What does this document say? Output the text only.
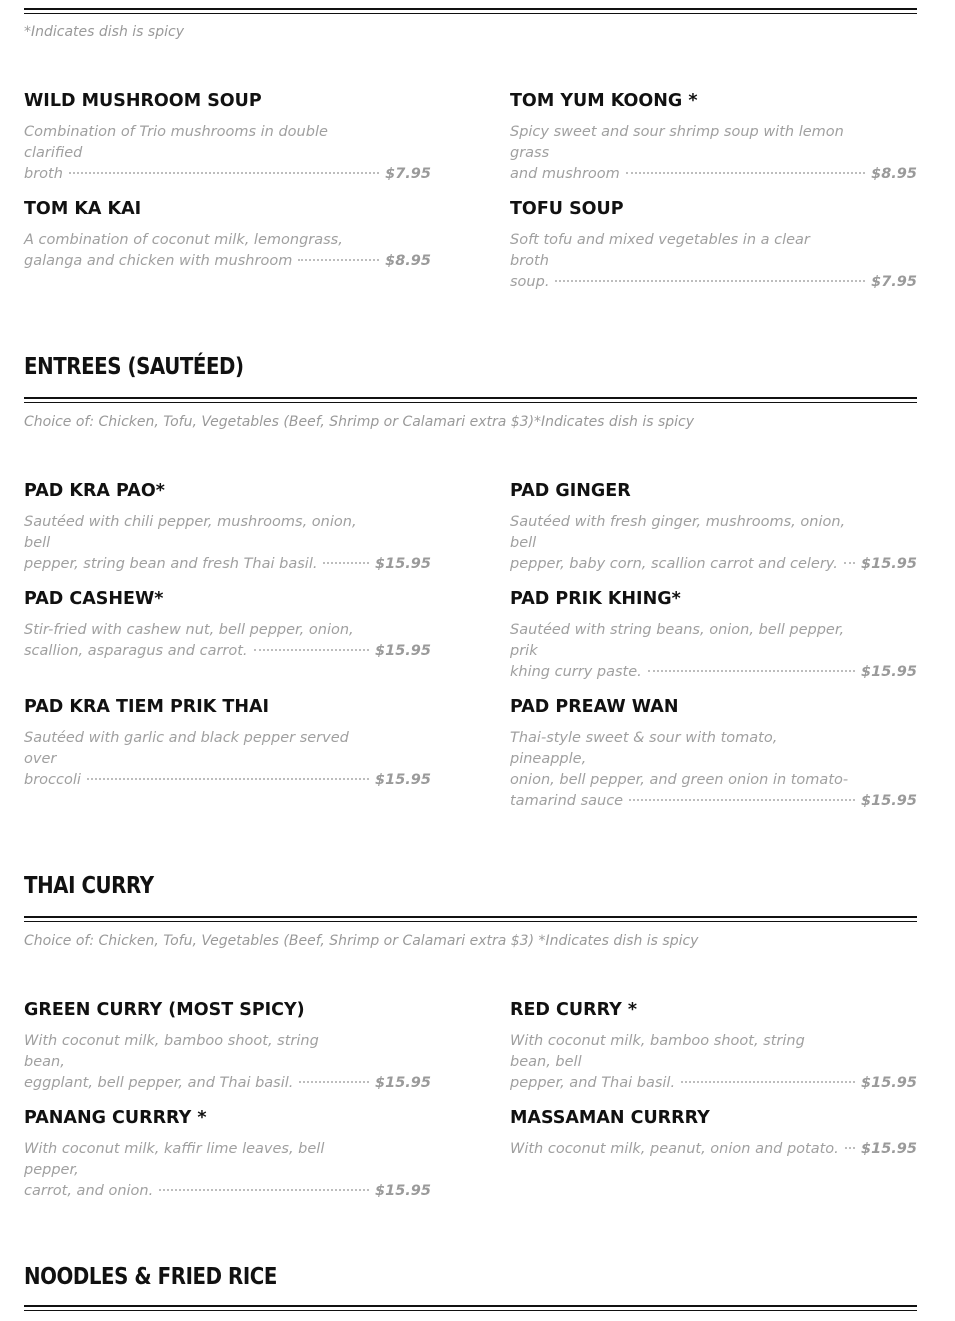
*Indicates dish is spicy
WILD MUSHROOM SOUP
Combination of Trio mushrooms in double clarified
broth	$7.95
TOM YUM KOONG *
Spicy sweet and sour shrimp soup with lemon grass
and mushroom	$8.95
TOM KA KAI
A combination of coconut milk, lemongrass,
galanga and chicken with mushroom	$8.95
TOFU SOUP
Soft tofu and mixed vegetables in a clear broth
soup.	$7.95
ENTREES (SAUTÉED)
Choice of: Chicken, Tofu, Vegetables (Beef, Shrimp or Calamari extra $3)*Indicates dish is spicy
PAD KRA PAO*
Sautéed with chili pepper, mushrooms, onion, bell
pepper, string bean and fresh Thai basil.	$15.95
PAD GINGER
Sautéed with fresh ginger, mushrooms, onion, bell
pepper, baby corn, scallion carrot and celery. $15.95
PAD CASHEW*
Stir-fried with cashew nut, bell pepper, onion,
scallion, asparagus and carrot.	$15.95
PAD PRIK KHING*
Sautéed with string beans, onion, bell pepper, prik
khing curry paste.	$15.95
PAD KRA TIEM PRIK THAI
Sautéed with garlic and black pepper served over
broccoli	$15.95
PAD PREAW WAN
Thai-style sweet & sour with tomato, pineapple,
onion, bell pepper, and green onion in tomato-
tamarind sauce	$15.95
THAI CURRY
Choice of: Chicken, Tofu, Vegetables (Beef, Shrimp or Calamari extra $3) *Indicates dish is spicy
GREEN CURRY (MOST SPICY)
With coconut milk, bamboo shoot, string bean,
eggplant, bell pepper, and Thai basil.	$15.95
RED CURRY *
With coconut milk, bamboo shoot, string bean, bell
pepper, and Thai basil.	$15.95
PANANG CURRRY *
With coconut milk, kaffir lime leaves, bell pepper,
carrot, and onion.	$15.95
MASSAMAN CURRRY
With coconut milk, peanut, onion and potato. $15.95
NOODLES & FRIED RICE
